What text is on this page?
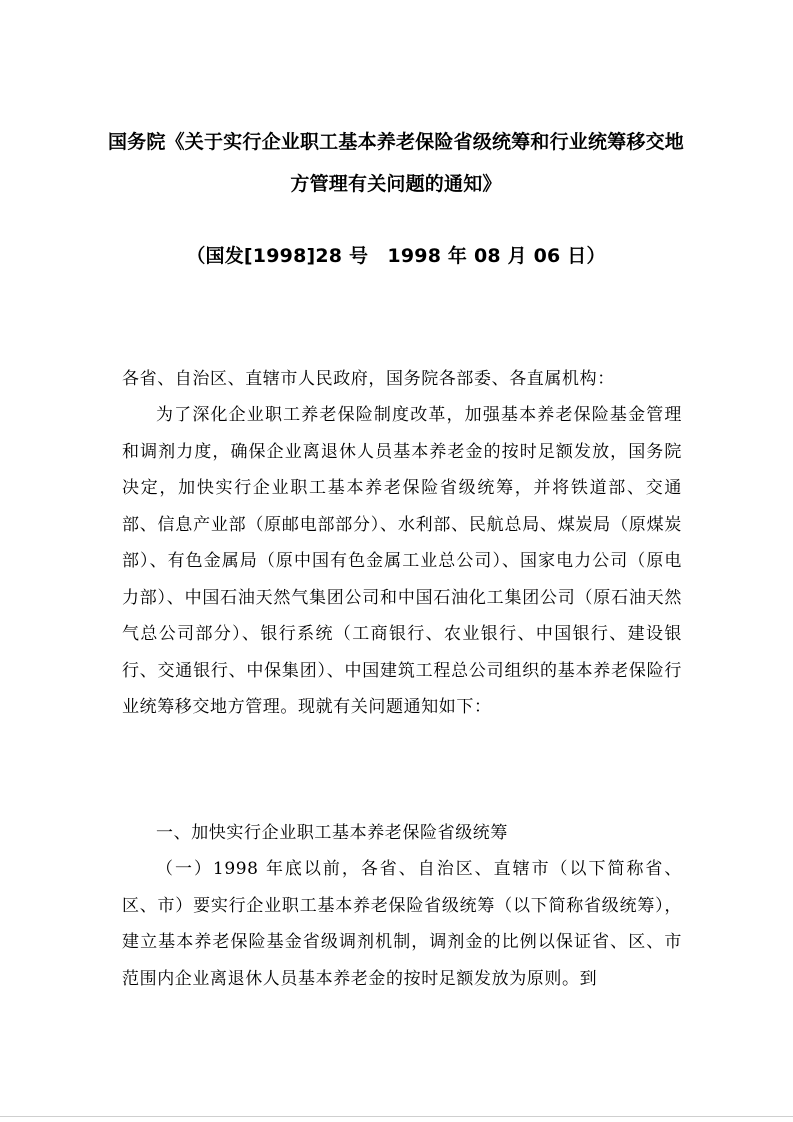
国务院《关于实行企业职工基本养老保险省级统筹和行业统筹移交地
方管理有关问题的通知》
（国发[1998]28 号　1998 年 08 月 06 日）

各省、自治区、直辖市人民政府，国务院各部委、各直属机构：

为了深化企业职工养老保险制度改革，加强基本养老保险基金管理和调剂力度，确保企业离退休人员基本养老金的按时足额发放，国务院决定，加快实行企业职工基本养老保险省级统筹，并将铁道部、交通部、信息产业部（原邮电部部分）、水利部、民航总局、煤炭局（原煤炭部）、有色金属局（原中国有色金属工业总公司）、国家电力公司（原电力部）、中国石油天然气集团公司和中国石油化工集团公司（原石油天然气总公司部分）、银行系统（工商银行、农业银行、中国银行、建设银行、交通银行、中保集团）、中国建筑工程总公司组织的基本养老保险行业统筹移交地方管理。现就有关问题通知如下：

一、加快实行企业职工基本养老保险省级统筹

（一）1998 年底以前，各省、自治区、直辖市（以下简称省、区、市）要实行企业职工基本养老保险省级统筹（以下简称省级统筹），建立基本养老保险基金省级调剂机制，调剂金的比例以保证省、区、市范围内企业离退休人员基本养老金的按时足额发放为原则。到
